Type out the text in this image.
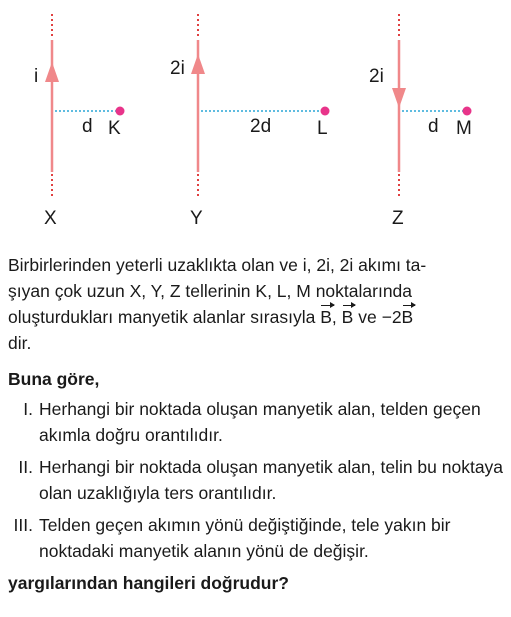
i
d K
X
2i
2d L
Y
2i
d M
Z

Birbirlerinden yeterli uzaklıkta olan ve i, 2i, 2i akımı ta-
şıyan çok uzun X, Y, Z tellerinin K, L, M noktalarında
oluşturdukları manyetik alanlar sırasıyla B, B ve −2B
dir.

Buna göre,
I. Herhangi bir noktada oluşan manyetik alan, telden geçen akımla doğru orantılıdır.
II. Herhangi bir noktada oluşan manyetik alan, telin bu noktaya olan uzaklığıyla ters orantılıdır.
III. Telden geçen akımın yönü değiştiğinde, tele yakın bir noktadaki manyetik alanın yönü de değişir.
yargılarından hangileri doğrudur?
